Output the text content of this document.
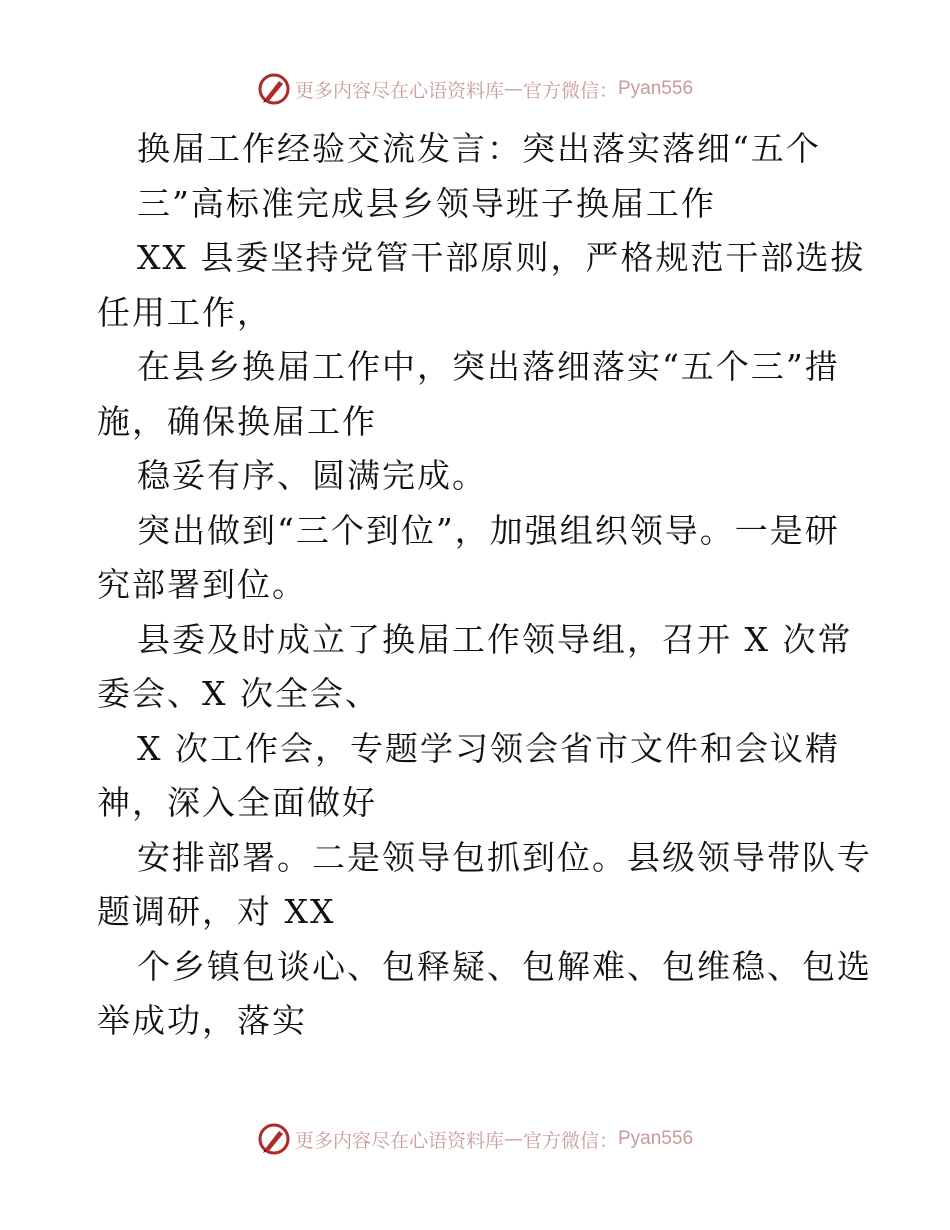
更多内容尽在心语资料库 — 官方微信： Pyan556
换届工作经验交流发言：突出落实落细“五个
三”高标准完成县乡领导班子换届工作
XX 县委坚持党管干部原则，严格规范干部选拔
任用工作，
在县乡换届工作中，突出落细落实“五个三”措
施，确保换届工作
稳妥有序、圆满完成。
突出做到“三个到位”，加强组织领导。一是研
究部署到位。
县委及时成立了换届工作领导组，召开 X 次常
委会、X 次全会、
X 次工作会，专题学习领会省市文件和会议精
神，深入全面做好
安排部署。二是领导包抓到位。县级领导带队专
题调研，对 XX
个乡镇包谈心、包释疑、包解难、包维稳、包选
举成功，落实
更多内容尽在心语资料库 — 官方微信： Pyan556
